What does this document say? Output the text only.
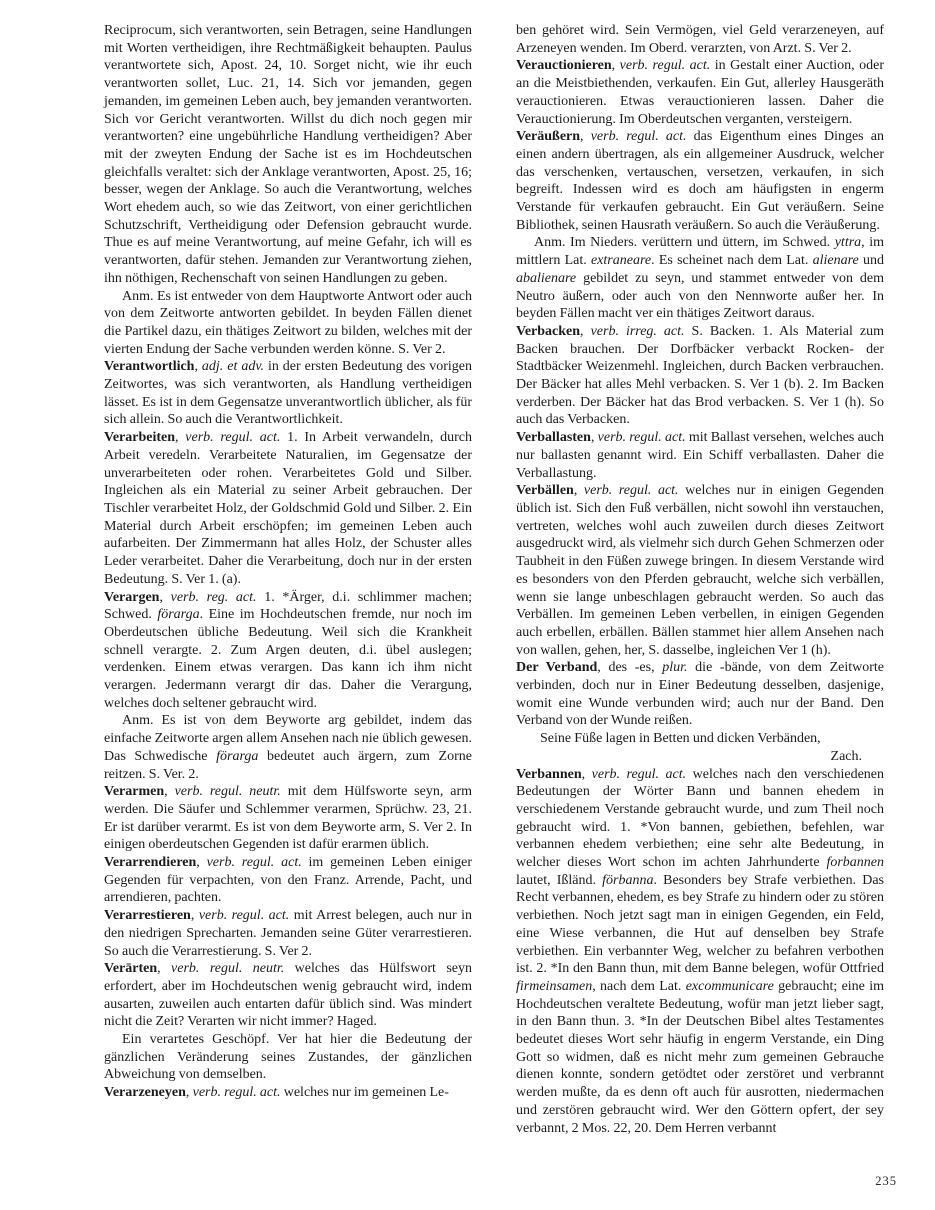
Reciprocum, sich verantworten, sein Betragen, seine Handlungen mit Worten vertheidigen, ihre Rechtmäßigkeit behaupten. Paulus verantwortete sich, Apost. 24, 10. Sorget nicht, wie ihr euch verantworten sollet, Luc. 21, 14. Sich vor jemanden, gegen jemanden, im gemeinen Leben auch, bey jemanden verantworten. Sich vor Gericht verantworten. Willst du dich noch gegen mir verantworten? eine ungebührliche Handlung vertheidigen? Aber mit der zweyten Endung der Sache ist es im Hochdeutschen gleichfalls veraltet: sich der Anklage verantworten, Apost. 25, 16; besser, wegen der Anklage. So auch die Verantwortung, welches Wort ehedem auch, so wie das Zeitwort, von einer gerichtlichen Schutzschrift, Vertheidigung oder Defension gebraucht wurde. Thue es auf meine Verantwortung, auf meine Gefahr, ich will es verantworten, dafür stehen. Jemanden zur Verantwortung ziehen, ihn nöthigen, Rechenschaft von seinen Handlungen zu geben.

Anm. Es ist entweder von dem Hauptworte Antwort oder auch von dem Zeitworte antworten gebildet. In beyden Fällen dienet die Partikel dazu, ein thätiges Zeitwort zu bilden, welches mit der vierten Endung der Sache verbunden werden könne. S. Ver 2.

Verantwortlich, adj. et adv. in der ersten Bedeutung des vorigen Zeitwortes, was sich verantworten, als Handlung vertheidigen lässet. Es ist in dem Gegensatze unverantwortlich üblicher, als für sich allein. So auch die Verantwortlichkeit.

Verarbeiten, verb. regul. act. 1. In Arbeit verwandeln, durch Arbeit veredeln. Verarbeitete Naturalien, im Gegensatze der unverarbeiteten oder rohen. Verarbeitetes Gold und Silber. Ingleichen als ein Material zu seiner Arbeit gebrauchen. Der Tischler verarbeitet Holz, der Goldschmid Gold und Silber. 2. Ein Material durch Arbeit erschöpfen; im gemeinen Leben auch aufarbeiten. Der Zimmermann hat alles Holz, der Schuster alles Leder verarbeitet. Daher die Verarbeitung, doch nur in der ersten Bedeutung. S. Ver 1. (a).

Verargen, verb. reg. act. 1. *Ärger, d.i. schlimmer machen; Schwed. förarga. Eine im Hochdeutschen fremde, nur noch im Oberdeutschen übliche Bedeutung. Weil sich die Krankheit schnell verargte. 2. Zum Argen deuten, d.i. übel auslegen; verdenken. Einem etwas verargen. Das kann ich ihm nicht verargen. Jedermann verargt dir das. Daher die Verargung, welches doch seltener gebraucht wird.

Anm. Es ist von dem Beyworte arg gebildet, indem das einfache Zeitworte argen allem Ansehen nach nie üblich gewesen. Das Schwedische förarga bedeutet auch ärgern, zum Zorne reitzen. S. Ver. 2.

Verarmen, verb. regul. neutr. mit dem Hülfsworte seyn, arm werden. Die Säufer und Schlemmer verarmen, Sprüchw. 23, 21. Er ist darüber verarmt. Es ist von dem Beyworte arm, S. Ver 2. In einigen oberdeutschen Gegenden ist dafür erarmen üblich.

Verarrendieren, verb. regul. act. im gemeinen Leben einiger Gegenden für verpachten, von den Franz. Arrende, Pacht, und arrendieren, pachten.

Verarrestieren, verb. regul. act. mit Arrest belegen, auch nur in den niedrigen Sprecharten. Jemanden seine Güter verarrestieren. So auch die Verarrestierung. S. Ver 2.

Verārten, verb. regul. neutr. welches das Hülfswort seyn erfordert, aber im Hochdeutschen wenig gebraucht wird, indem ausarten, zuweilen auch entarten dafür üblich sind. Was mindert nicht die Zeit? Verarten wir nicht immer? Haged.

Ein verartetes Geschöpf. Ver hat hier die Bedeutung der gänzlichen Veränderung seines Zustandes, der gänzlichen Abweichung von demselben.

Verarzeneyen, verb. regul. act. welches nur im gemeinen Le-

ben gehöret wird. Sein Vermögen, viel Geld verarzeneyen, auf Arzeneyen wenden. Im Oberd. verarzten, von Arzt. S. Ver 2.

Verauctionieren, verb. regul. act. in Gestalt einer Auction, oder an die Meistbiethenden, verkaufen. Ein Gut, allerley Hausgeräth verauctionieren. Etwas verauctionieren lassen. Daher die Verauctionierung. Im Oberdeutschen verganten, versteigern.

Veräußern, verb. regul. act. das Eigenthum eines Dinges an einen andern übertragen, als ein allgemeiner Ausdruck, welcher das verschenken, vertauschen, versetzen, verkaufen, in sich begreift. Indessen wird es doch am häufigsten in engerm Verstande für verkaufen gebraucht. Ein Gut veräußern. Seine Bibliothek, seinen Hausrath veräußern. So auch die Veräußerung.

Anm. Im Nieders. verüttern und üttern, im Schwed. yttra, im mittlern Lat. extraneare. Es scheinet nach dem Lat. alienare und abalienare gebildet zu seyn, und stammet entweder von dem Neutro äußern, oder auch von den Nennworte außer her. In beyden Fällen macht ver ein thätiges Zeitwort daraus.

Verbacken, verb. irreg. act. S. Backen. 1. Als Material zum Backen brauchen. Der Dorfbäcker verbackt Rocken- der Stadtbäcker Weizenmehl. Ingleichen, durch Backen verbrauchen. Der Bäcker hat alles Mehl verbacken. S. Ver 1 (b). 2. Im Backen verderben. Der Bäcker hat das Brod verbacken. S. Ver 1 (h). So auch das Verbacken.

Verballasten, verb. regul. act. mit Ballast versehen, welches auch nur ballasten genannt wird. Ein Schiff verballasten. Daher die Verballastung.

Verbällen, verb. regul. act. welches nur in einigen Gegenden üblich ist. Sich den Fuß verbällen, nicht sowohl ihn verstauchen, vertreten, welches wohl auch zuweilen durch dieses Zeitwort ausgedruckt wird, als vielmehr sich durch Gehen Schmerzen oder Taubheit in den Füßen zuwege bringen. In diesem Verstande wird es besonders von den Pferden gebraucht, welche sich verbällen, wenn sie lange unbeschlagen gebraucht werden. So auch das Verbällen. Im gemeinen Leben verbellen, in einigen Gegenden auch erbellen, erbällen. Bällen stammet hier allem Ansehen nach von wallen, gehen, her, S. dasselbe, ingleichen Ver 1 (h).

Der Verband, des -es, plur. die -bände, von dem Zeitworte verbinden, doch nur in Einer Bedeutung desselben, dasjenige, womit eine Wunde verbunden wird; auch nur der Band. Den Verband von der Wunde reißen.

Seine Füße lagen in Betten und dicken Verbänden,

Zach.

Verbannen, verb. regul. act. welches nach den verschiedenen Bedeutungen der Wörter Bann und bannen ehedem in verschiedenem Verstande gebraucht wurde, und zum Theil noch gebraucht wird. 1. *Von bannen, gebiethen, befehlen, war verbannen ehedem verbiethen; eine sehr alte Bedeutung, in welcher dieses Wort schon im achten Jahrhunderte forbannen lautet, Ißländ. förbanna. Besonders bey Strafe verbiethen. Das Recht verbannen, ehedem, es bey Strafe zu hindern oder zu stören verbiethen. Noch jetzt sagt man in einigen Gegenden, ein Feld, eine Wiese verbannen, die Hut auf denselben bey Strafe verbiethen. Ein verbannter Weg, welcher zu befahren verbothen ist. 2. *In den Bann thun, mit dem Banne belegen, wofür Ottfried firmeinsamen, nach dem Lat. excommunicare gebraucht; eine im Hochdeutschen veraltete Bedeutung, wofür man jetzt lieber sagt, in den Bann thun. 3. *In der Deutschen Bibel altes Testamentes bedeutet dieses Wort sehr häufig in engerm Verstande, ein Ding Gott so widmen, daß es nicht mehr zum gemeinen Gebrauche dienen konnte, sondern getödtet oder zerstöret und verbrannt werden mußte, da es denn oft auch für ausrotten, niedermachen und zerstören gebraucht wird. Wer den Göttern opfert, der sey verbannt, 2 Mos. 22, 20. Dem Herren verbannt

235
